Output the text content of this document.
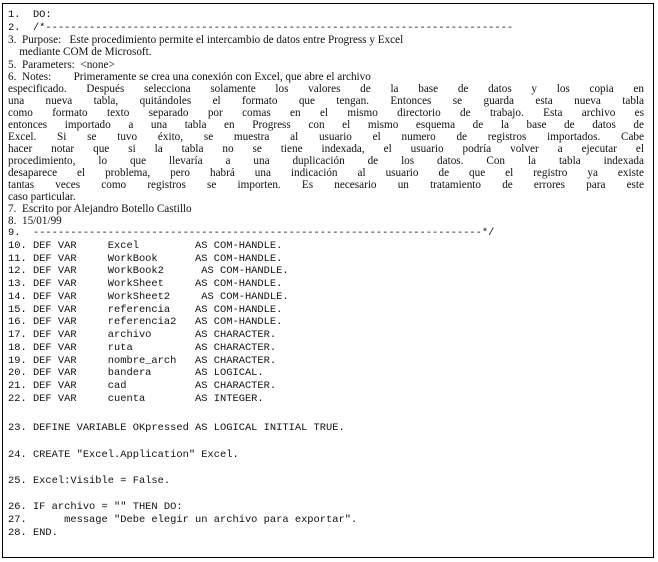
1.  DO:
2.  /*---------------------------------------------------------------------------
3.  Purpose:   Este procedimiento permite el intercambio de datos entre Progress y Excel
mediante COM de Microsoft.
5.  Parameters:  <none>
6.  Notes:        Primeramente se crea una conexión con Excel, que abre el archivo
especificado. Después selecciona solamente los valores de la base de datos y los copia en
una nueva tabla, quitándoles el formato que tengan. Entonces se guarda esta nueva tabla
como formato texto separado por comas en el mismo directorio de trabajo. Esta archivo es
entonces importado a una tabla en Progress con el mismo esquema de la base de datos de
Excel. Si se tuvo éxito, se muestra al usuario el numero de registros importados. Cabe
hacer notar que si la tabla no se tiene indexada, el usuario podría volver a ejecutar el
procedimiento, lo que llevaría a una duplicación de los datos. Con la tabla indexada
desaparece el problema, pero habrá una indicación al usuario de que el registro ya existe
tantas veces como registros se importen. Es necesario un tratamiento de errores para este
caso particular.
7.  Escrito por Alejandro Botello Castillo
8.  15/01/99
9.  ------------------------------------------------------------------------*/
10. DEF VAR     Excel         AS COM-HANDLE.
11. DEF VAR     WorkBook      AS COM-HANDLE.
12. DEF VAR     WorkBook2      AS COM-HANDLE.
13. DEF VAR     WorkSheet     AS COM-HANDLE.
14. DEF VAR     WorkSheet2     AS COM-HANDLE.
15. DEF VAR     referencia    AS COM-HANDLE.
16. DEF VAR     referencia2   AS COM-HANDLE.
17. DEF VAR     archivo       AS CHARACTER.
18. DEF VAR     ruta          AS CHARACTER.
19. DEF VAR     nombre_arch   AS CHARACTER.
20. DEF VAR     bandera       AS LOGICAL.
21. DEF VAR     cad           AS CHARACTER.
22. DEF VAR     cuenta        AS INTEGER.
23. DEFINE VARIABLE OKpressed AS LOGICAL INITIAL TRUE.
24. CREATE "Excel.Application" Excel.
25. Excel:Visible = False.
26. IF archivo = "" THEN DO:
27.      message "Debe elegir un archivo para exportar".
28. END.
